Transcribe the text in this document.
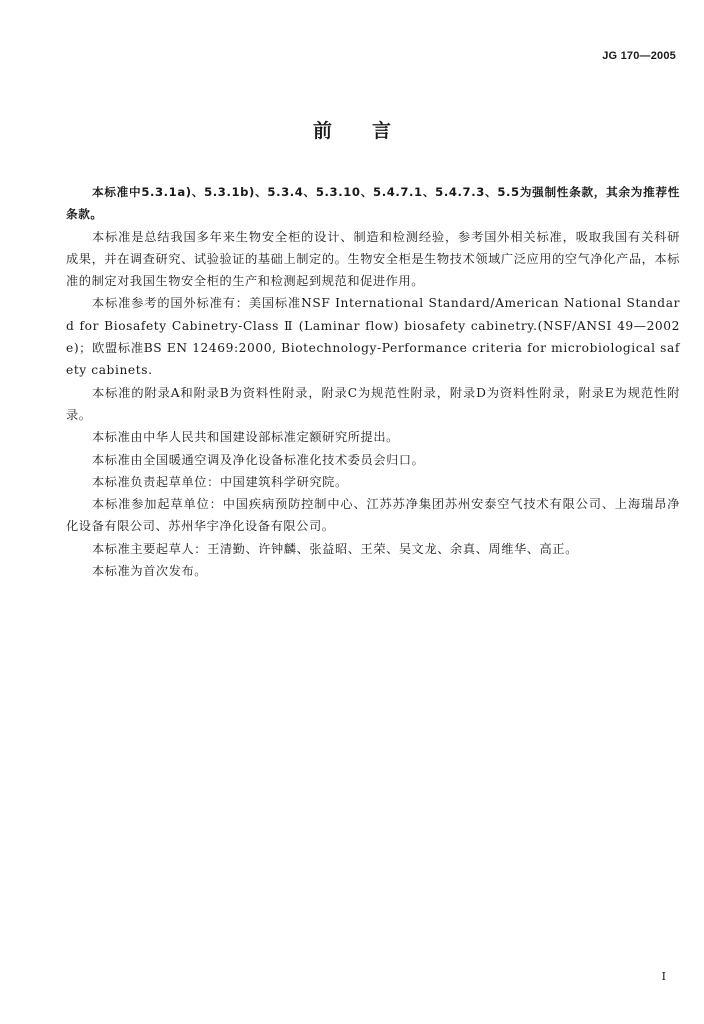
JG 170—2005
前言

本标准中5.3.1a)、5.3.1b)、5.3.4、5.3.10、5.4.7.1、5.4.7.3、5.5为强制性条款，其余为推荐性条款。

本标准是总结我国多年来生物安全柜的设计、制造和检测经验，参考国外相关标准，吸取我国有关科研成果，并在调查研究、试验验证的基础上制定的。生物安全柜是生物技术领域广泛应用的空气净化产品，本标准的制定对我国生物安全柜的生产和检测起到规范和促进作用。

本标准参考的国外标准有：美国标准NSF International Standard/American National Standard for Biosafety Cabinetry-Class Ⅱ (Laminar flow) biosafety cabinetry.(NSF/ANSI 49—2002e)；欧盟标准BS EN 12469:2000, Biotechnology-Performance criteria for microbiological safety cabinets.

本标准的附录A和附录B为资料性附录，附录C为规范性附录，附录D为资料性附录，附录E为规范性附录。

本标准由中华人民共和国建设部标准定额研究所提出。

本标准由全国暖通空调及净化设备标准化技术委员会归口。

本标准负责起草单位：中国建筑科学研究院。

本标准参加起草单位：中国疾病预防控制中心、江苏苏净集团苏州安泰空气技术有限公司、上海瑞昂净化设备有限公司、苏州华宇净化设备有限公司。

本标准主要起草人：王清勤、许钟麟、张益昭、王荣、吴文龙、余真、周维华、高正。

本标准为首次发布。

I
